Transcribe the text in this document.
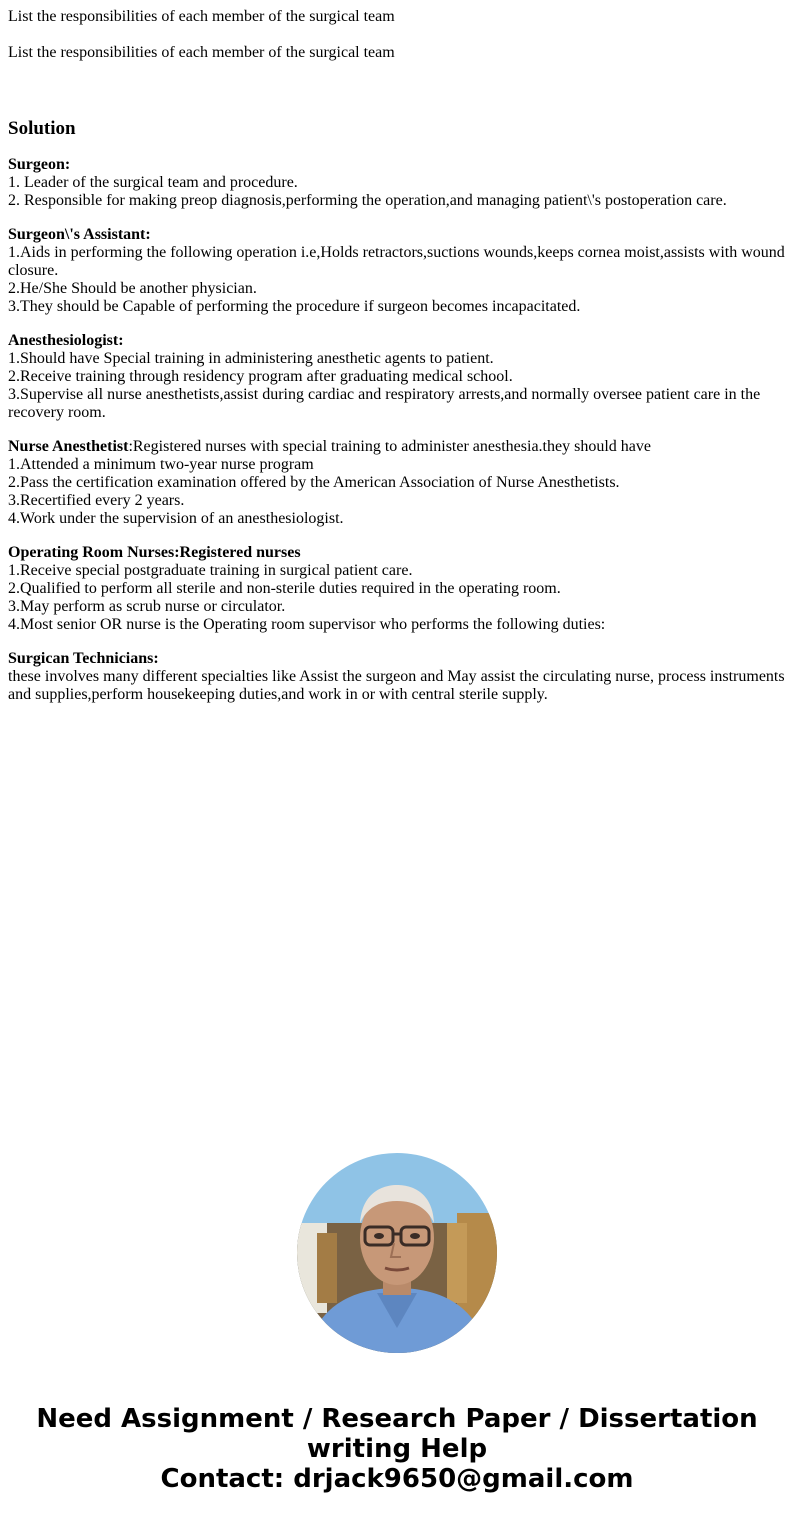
List the responsibilities of each member of the surgical team

List the responsibilities of each member of the surgical team

Solution
Surgeon:
1. Leader of the surgical team and procedure.
2. Responsible for making preop diagnosis,performing the operation,and managing patient\'s postoperation care.
Surgeon\'s Assistant:
1.Aids in performing the following operation i.e,Holds retractors,suctions wounds,keeps cornea moist,assists with wound closure.
2.He/She Should be another physician.
3.They should be Capable of performing the procedure if surgeon becomes incapacitated.
Anesthesiologist:
1.Should have Special training in administering anesthetic agents to patient.
2.Receive training through residency program after graduating medical school.
3.Supervise all nurse anesthetists,assist during cardiac and respiratory arrests,and normally oversee patient care in the recovery room.
Nurse Anesthetist:Registered nurses with special training to administer anesthesia.they should have
1.Attended a minimum two-year nurse program
2.Pass the certification examination offered by the American Association of Nurse Anesthetists.
3.Recertified every 2 years.
4.Work under the supervision of an anesthesiologist.
Operating Room Nurses:Registered nurses
1.Receive special postgraduate training in surgical patient care.
2.Qualified to perform all sterile and non-sterile duties required in the operating room.
3.May perform as scrub nurse or circulator.
4.Most senior OR nurse is the Operating room supervisor who performs the following duties:
Surgican Technicians:
these involves many different specialties like Assist the surgeon and May assist the circulating nurse, process instruments and supplies,perform housekeeping duties,and work in or with central sterile supply.
Need Assignment / Research Paper / Dissertation
writing Help
Contact: drjack9650@gmail.com
